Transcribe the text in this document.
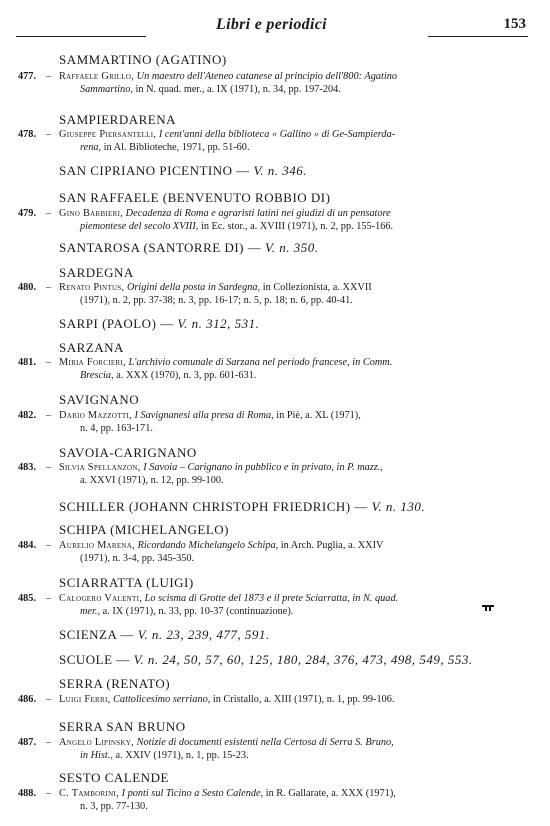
Libri e periodici	153
SAMMARTINO (AGATINO)
477. – Raffaele Grillo, Un maestro dell'Ateneo catanese al principio dell'800: Agatino
Sammartino, in N. quad. mer., a. IX (1971), n. 34, pp. 197-204.
SAMPIERDARENA
478. – Giuseppe Piersantelli, I cent'anni della biblioteca « Gallino » di Ge-Sampierda-
rena, in Al. Biblioteche, 1971, pp. 51-60.
SAN CIPRIANO PICENTINO — V. n. 346.
SAN RAFFAELE (BENVENUTO ROBBIO DI)
479. – Gino Barbieri, Decadenza di Roma e agraristi latini nei giudizi di un pensatore
piemontese del secolo XVIII, in Ec. stor., a. XVIII (1971), n. 2, pp. 155-166.
SANTAROSA (SANTORRE DI) — V. n. 350.
SARDEGNA
480. – Renato Pintus, Origini della posta in Sardegna, in Collezionista, a. XXVII
(1971), n. 2, pp. 37-38; n. 3, pp. 16-17; n. 5, p. 18; n. 6, pp. 40-41.
SARPI (PAOLO) — V. n. 312, 531.
SARZANA
481. – Miria Forcieri, L'archivio comunale di Sarzana nel periodo francese, in Comm.
Brescia, a. XXX (1970), n. 3, pp. 601-631.
SAVIGNANO
482. – Dario Mazzotti, I Savignanesi alla presa di Roma, in Piè, a. XL (1971),
n. 4, pp. 163-171.
SAVOIA-CARIGNANO
483. – Silvia Spellanzon, I Savoia – Carignano in pubblico e in privato, in P. mazz.,
a. XXVI (1971), n. 12, pp. 99-100.
SCHILLER (JOHANN CHRISTOPH FRIEDRICH) — V. n. 130.
SCHIPA (MICHELANGELO)
484. – Aurelio Marena, Ricordando Michelangelo Schipa, in Arch. Puglia, a. XXIV
(1971), n. 3-4, pp. 345-350.
SCIARRATTA (LUIGI)
485. – Calogero Valenti, Lo scisma di Grotte del 1873 e il prete Sciarratta, in N. quad.
mer., a. IX (1971), n. 33, pp. 10-37 (continuazione).
SCIENZA — V. n. 23, 239, 477, 591.
SCUOLE — V. n. 24, 50, 57, 60, 125, 180, 284, 376, 473, 498, 549, 553.
SERRA (RENATO)
486. – Luigi Ferri, Cattolicesimo serriano, in Cristallo, a. XIII (1971), n. 1, pp. 99-106.
SERRA SAN BRUNO
487. – Angelo Lipinsky, Notizie di documenti esistenti nella Certosa di Serra S. Bruno,
in Hist., a. XXIV (1971), n. 1, pp. 15-23.
SESTO CALENDE
488. – C. Tamborini, I ponti sul Ticino a Sesto Calende, in R. Gallarate, a. XXX (1971),
n. 3, pp. 77-130.
